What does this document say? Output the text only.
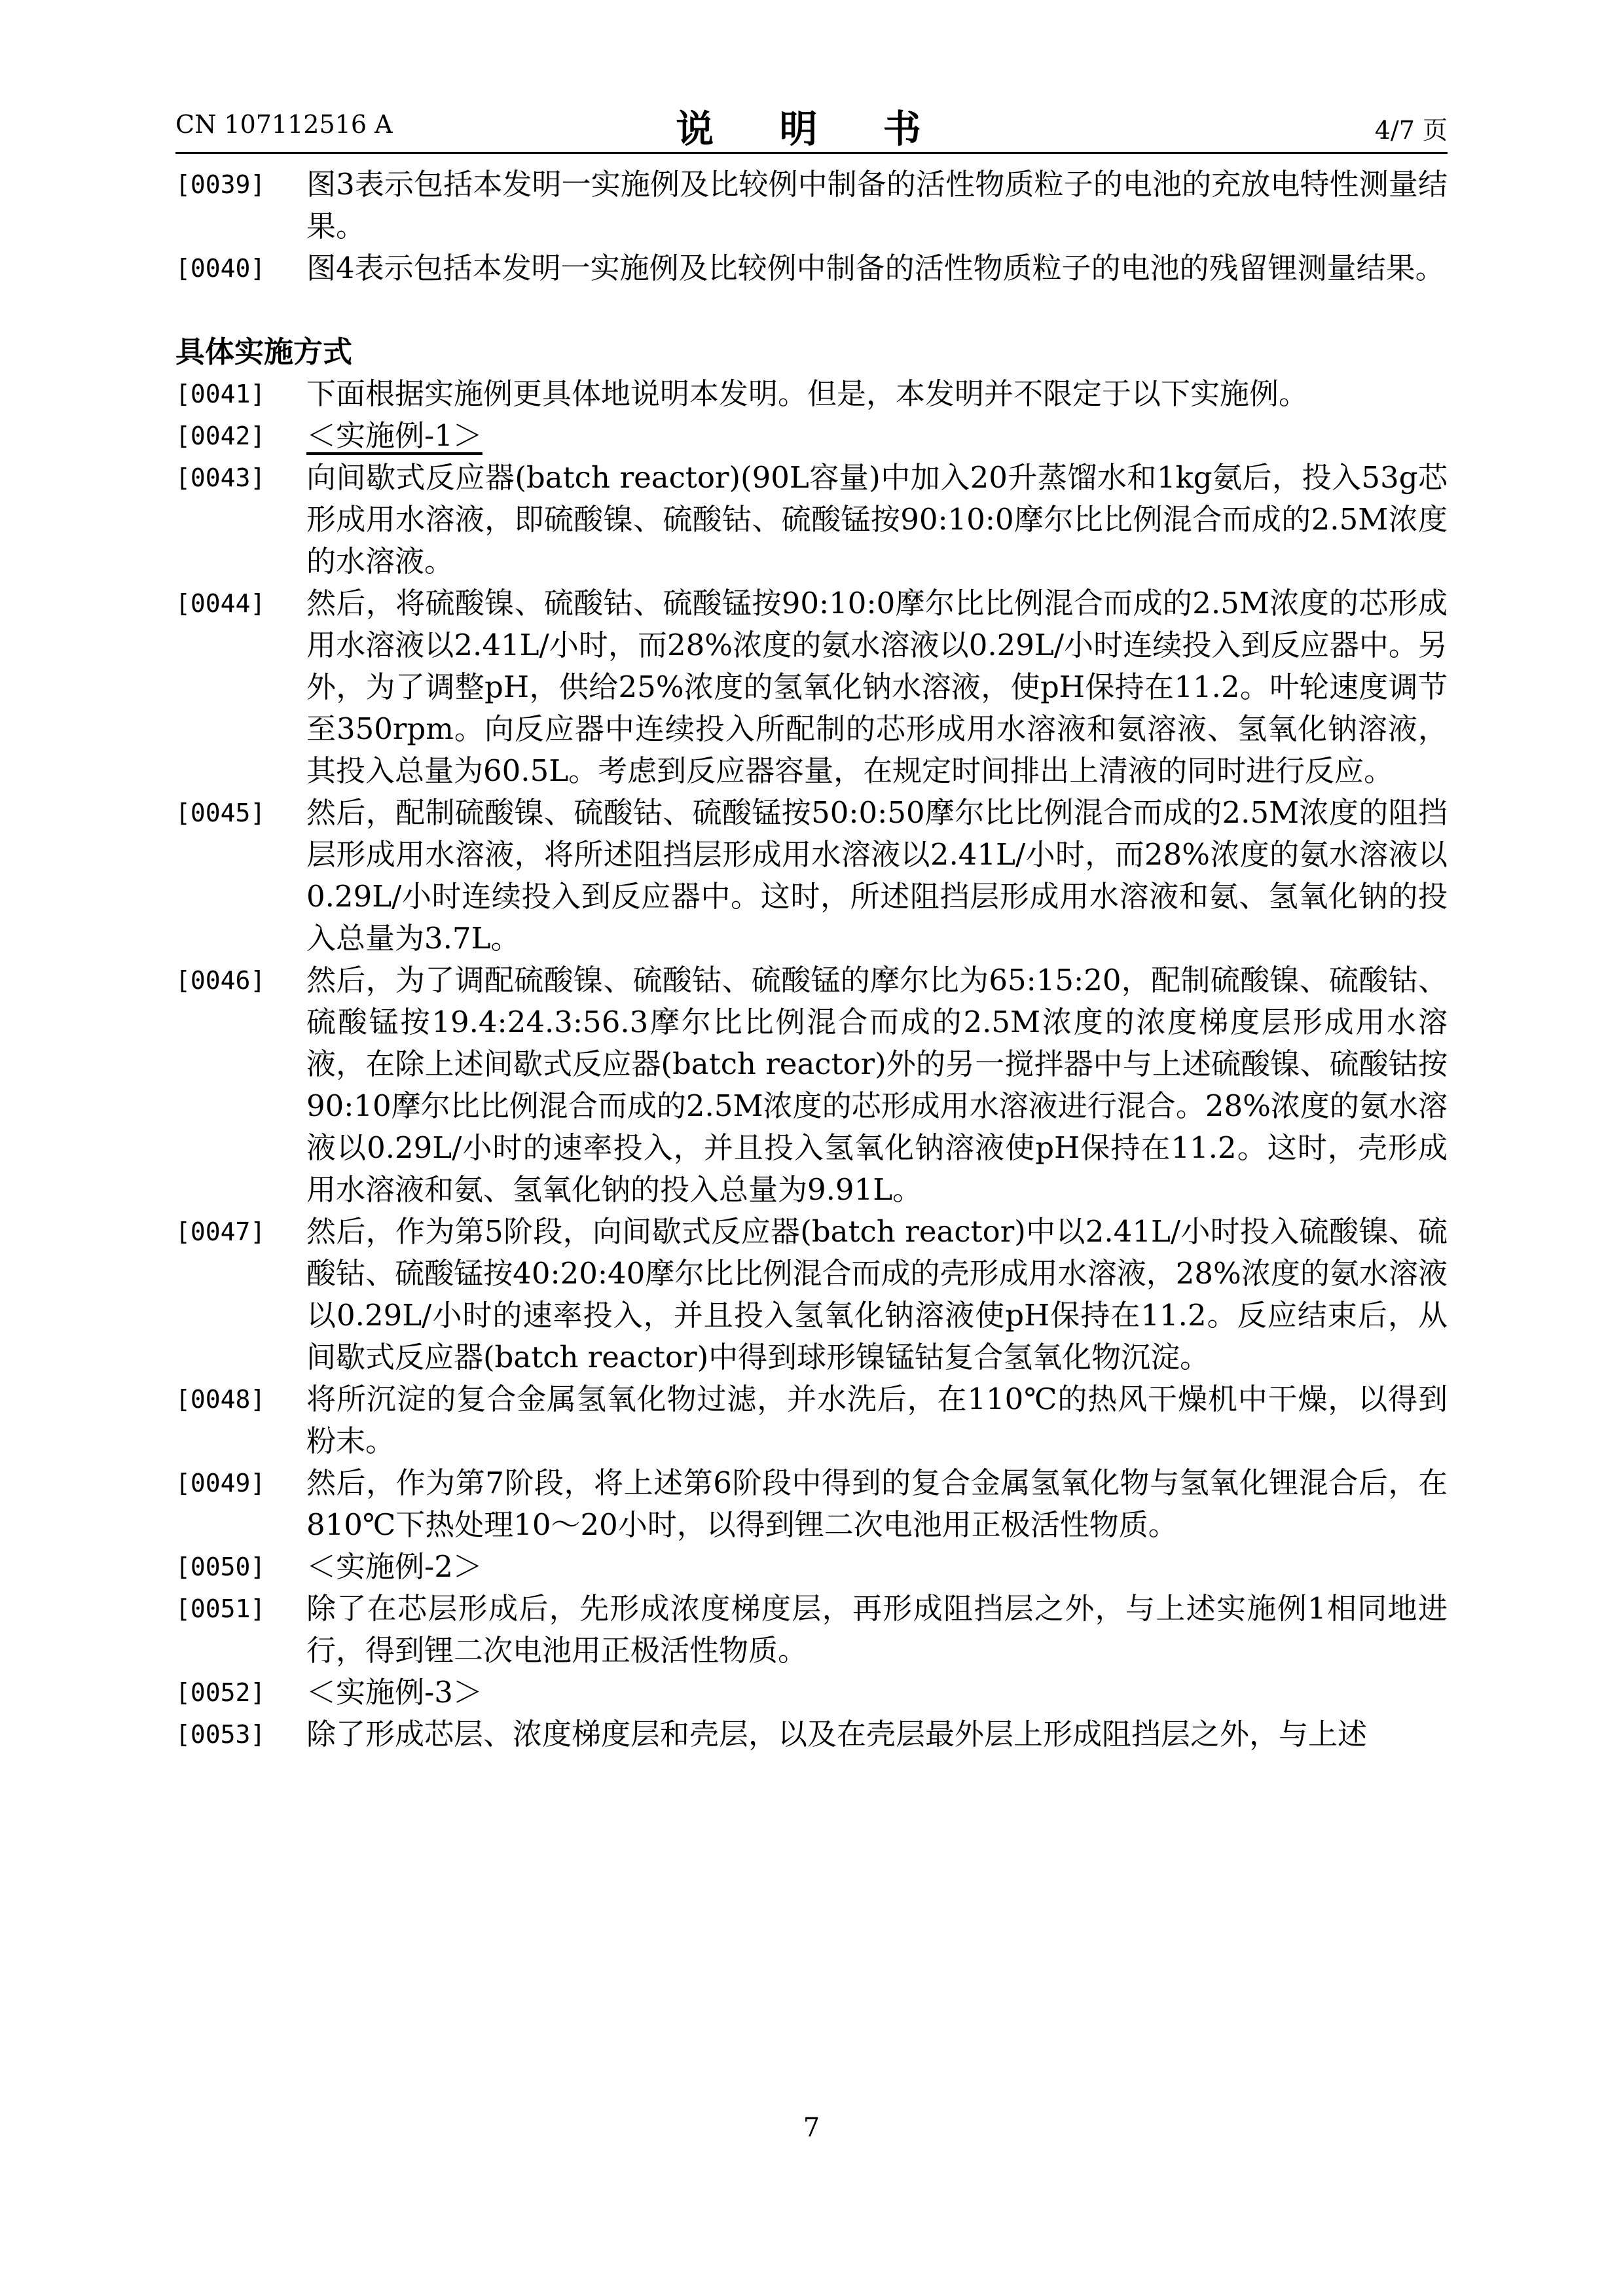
CN 107112516 A	说 明 书	4/7 页
[0039]	图3表示包括本发明一实施例及比较例中制备的活性物质粒子的电池的充放电特性测量结果。
[0040]	图4表示包括本发明一实施例及比较例中制备的活性物质粒子的电池的残留锂测量结果。
具体实施方式
[0041]	下面根据实施例更具体地说明本发明。但是，本发明并不限定于以下实施例。
[0042]	＜实施例-1＞
[0043]	向间歇式反应器(batch reactor)(90L容量)中加入20升蒸馏水和1kg氨后，投入53g芯形成用水溶液，即硫酸镍、硫酸钴、硫酸锰按90:10:0摩尔比比例混合而成的2.5M浓度的水溶液。
[0044]	然后，将硫酸镍、硫酸钴、硫酸锰按90:10:0摩尔比比例混合而成的2.5M浓度的芯形成用水溶液以2.41L/小时，而28%浓度的氨水溶液以0.29L/小时连续投入到反应器中。另外，为了调整pH，供给25%浓度的氢氧化钠水溶液，使pH保持在11.2。叶轮速度调节至350rpm。向反应器中连续投入所配制的芯形成用水溶液和氨溶液、氢氧化钠溶液，其投入总量为60.5L。考虑到反应器容量，在规定时间排出上清液的同时进行反应。
[0045]	然后，配制硫酸镍、硫酸钴、硫酸锰按50:0:50摩尔比比例混合而成的2.5M浓度的阻挡层形成用水溶液，将所述阻挡层形成用水溶液以2.41L/小时，而28%浓度的氨水溶液以0.29L/小时连续投入到反应器中。这时，所述阻挡层形成用水溶液和氨、氢氧化钠的投入总量为3.7L。
[0046]	然后，为了调配硫酸镍、硫酸钴、硫酸锰的摩尔比为65:15:20，配制硫酸镍、硫酸钴、硫酸锰按19.4:24.3:56.3摩尔比比例混合而成的2.5M浓度的浓度梯度层形成用水溶液，在除上述间歇式反应器(batch reactor)外的另一搅拌器中与上述硫酸镍、硫酸钴按90:10摩尔比比例混合而成的2.5M浓度的芯形成用水溶液进行混合。28%浓度的氨水溶液以0.29L/小时的速率投入，并且投入氢氧化钠溶液使pH保持在11.2。这时，壳形成用水溶液和氨、氢氧化钠的投入总量为9.91L。
[0047]	然后，作为第5阶段，向间歇式反应器(batch reactor)中以2.41L/小时投入硫酸镍、硫酸钴、硫酸锰按40:20:40摩尔比比例混合而成的壳形成用水溶液，28%浓度的氨水溶液以0.29L/小时的速率投入，并且投入氢氧化钠溶液使pH保持在11.2。反应结束后，从间歇式反应器(batch reactor)中得到球形镍锰钴复合氢氧化物沉淀。
[0048]	将所沉淀的复合金属氢氧化物过滤，并水洗后，在110℃的热风干燥机中干燥，以得到粉末。
[0049]	然后，作为第7阶段，将上述第6阶段中得到的复合金属氢氧化物与氢氧化锂混合后，在810℃下热处理10～20小时，以得到锂二次电池用正极活性物质。
[0050]	＜实施例-2＞
[0051]	除了在芯层形成后，先形成浓度梯度层，再形成阻挡层之外，与上述实施例1相同地进行，得到锂二次电池用正极活性物质。
[0052]	＜实施例-3＞
[0053]	除了形成芯层、浓度梯度层和壳层，以及在壳层最外层上形成阻挡层之外，与上述
7
